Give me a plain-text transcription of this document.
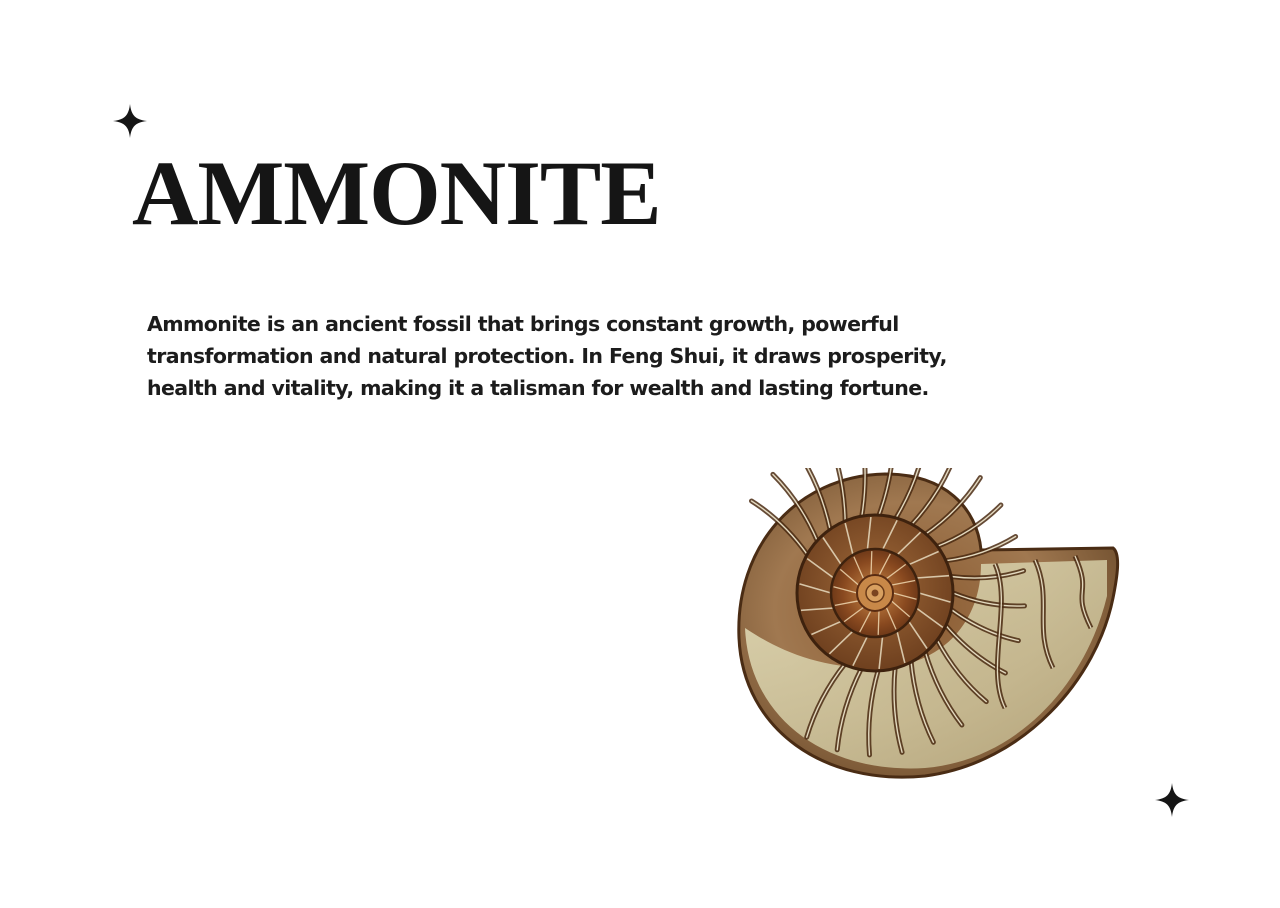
AMMONITE

Ammonite is an ancient fossil that brings constant growth, powerful transformation and natural protection. In Feng Shui, it draws prosperity, health and vitality, making it a talisman for wealth and lasting fortune.
